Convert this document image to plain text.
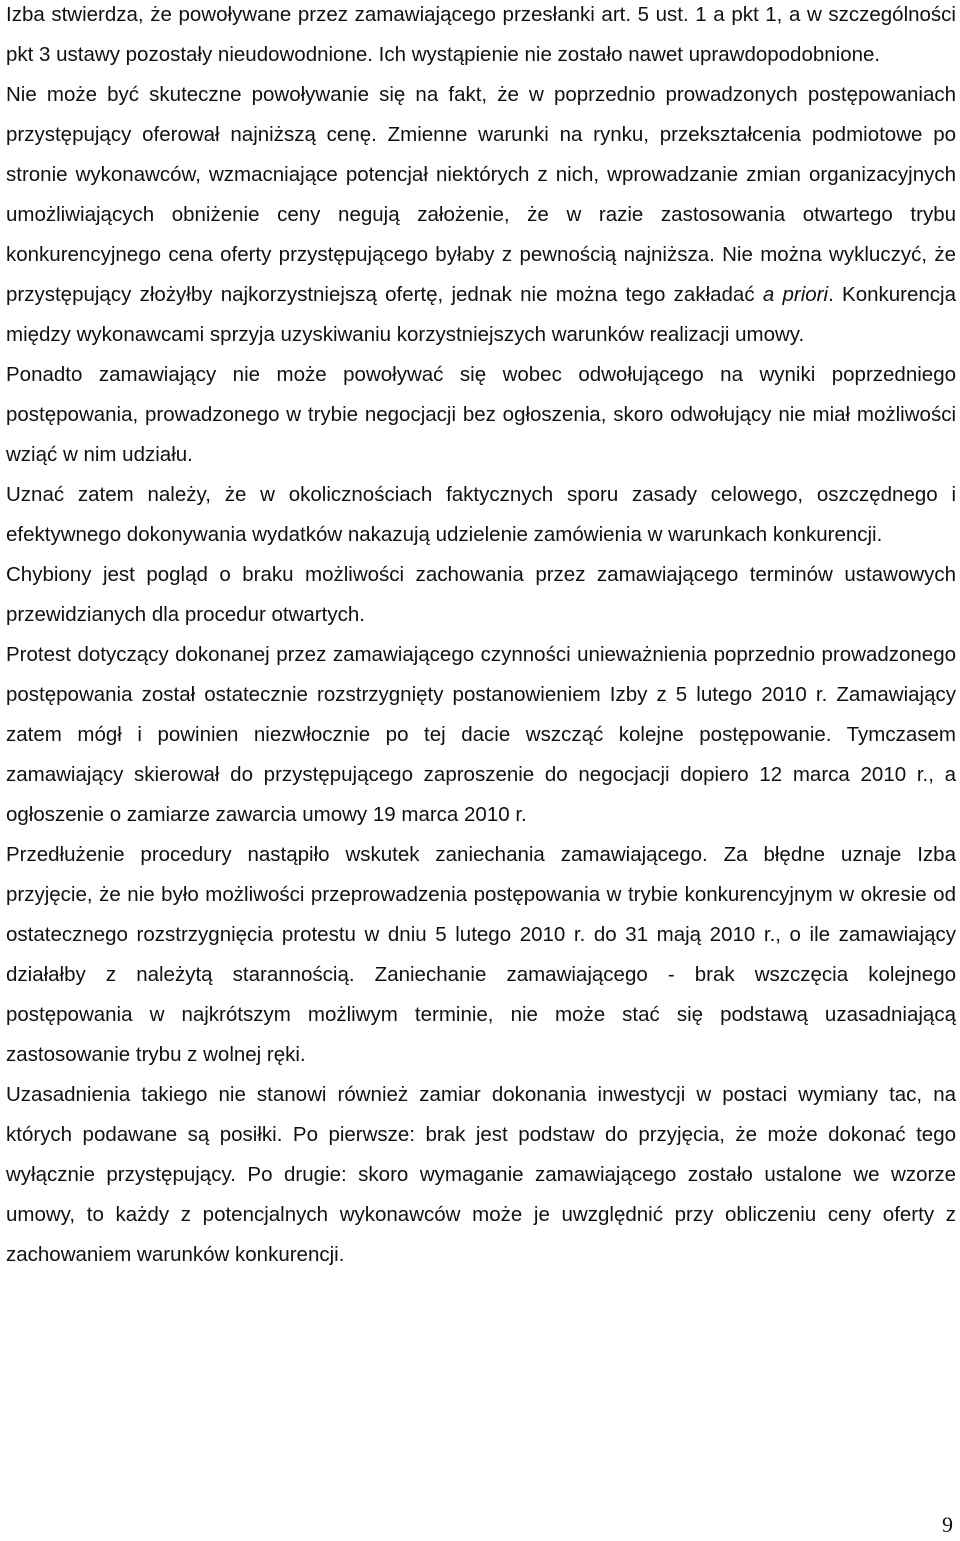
Izba stwierdza, że powoływane przez zamawiającego przesłanki art. 5 ust. 1 a pkt 1, a w szczególności pkt 3 ustawy pozostały nieudowodnione. Ich wystąpienie nie zostało nawet uprawdopodobnione.

Nie może być skuteczne powoływanie się na fakt, że w poprzednio prowadzonych postępowaniach przystępujący oferował najniższą cenę. Zmienne warunki na rynku, przekształcenia podmiotowe po stronie wykonawców, wzmacniające potencjał niektórych z nich, wprowadzanie zmian organizacyjnych umożliwiających obniżenie ceny negują założenie, że w razie zastosowania otwartego trybu konkurencyjnego cena oferty przystępującego byłaby z pewnością najniższa. Nie można wykluczyć, że przystępujący złożyłby najkorzystniejszą ofertę, jednak nie można tego zakładać a priori. Konkurencja między wykonawcami sprzyja uzyskiwaniu korzystniejszych warunków realizacji umowy.

Ponadto zamawiający nie może powoływać się wobec odwołującego na wyniki poprzedniego postępowania, prowadzonego w trybie negocjacji bez ogłoszenia, skoro odwołujący nie miał możliwości wziąć w nim udziału.

Uznać zatem należy, że w okolicznościach faktycznych sporu zasady celowego, oszczędnego i efektywnego dokonywania wydatków nakazują udzielenie zamówienia w warunkach konkurencji.

Chybiony jest pogląd o braku możliwości zachowania przez zamawiającego terminów ustawowych przewidzianych dla procedur otwartych.

Protest dotyczący dokonanej przez zamawiającego czynności unieważnienia poprzednio prowadzonego postępowania został ostatecznie rozstrzygnięty postanowieniem Izby z 5 lutego 2010 r. Zamawiający zatem mógł i powinien niezwłocznie po tej dacie wszcząć kolejne postępowanie. Tymczasem zamawiający skierował do przystępującego zaproszenie do negocjacji dopiero 12 marca 2010 r., a ogłoszenie o zamiarze zawarcia umowy 19 marca 2010 r.

Przedłużenie procedury nastąpiło wskutek zaniechania zamawiającego. Za błędne uznaje Izba przyjęcie, że nie było możliwości przeprowadzenia postępowania w trybie konkurencyjnym w okresie od ostatecznego rozstrzygnięcia protestu w dniu 5 lutego 2010 r. do 31 mają 2010 r., o ile zamawiający działałby z należytą starannością. Zaniechanie zamawiającego - brak wszczęcia kolejnego postępowania w najkrótszym możliwym terminie, nie może stać się podstawą uzasadniającą zastosowanie trybu z wolnej ręki.

Uzasadnienia takiego nie stanowi również zamiar dokonania inwestycji w postaci wymiany tac, na których podawane są posiłki. Po pierwsze: brak jest podstaw do przyjęcia, że może dokonać tego wyłącznie przystępujący. Po drugie: skoro wymaganie zamawiającego zostało ustalone we wzorze umowy, to każdy z potencjalnych wykonawców może je uwzględnić przy obliczeniu ceny oferty z zachowaniem warunków konkurencji.

9
